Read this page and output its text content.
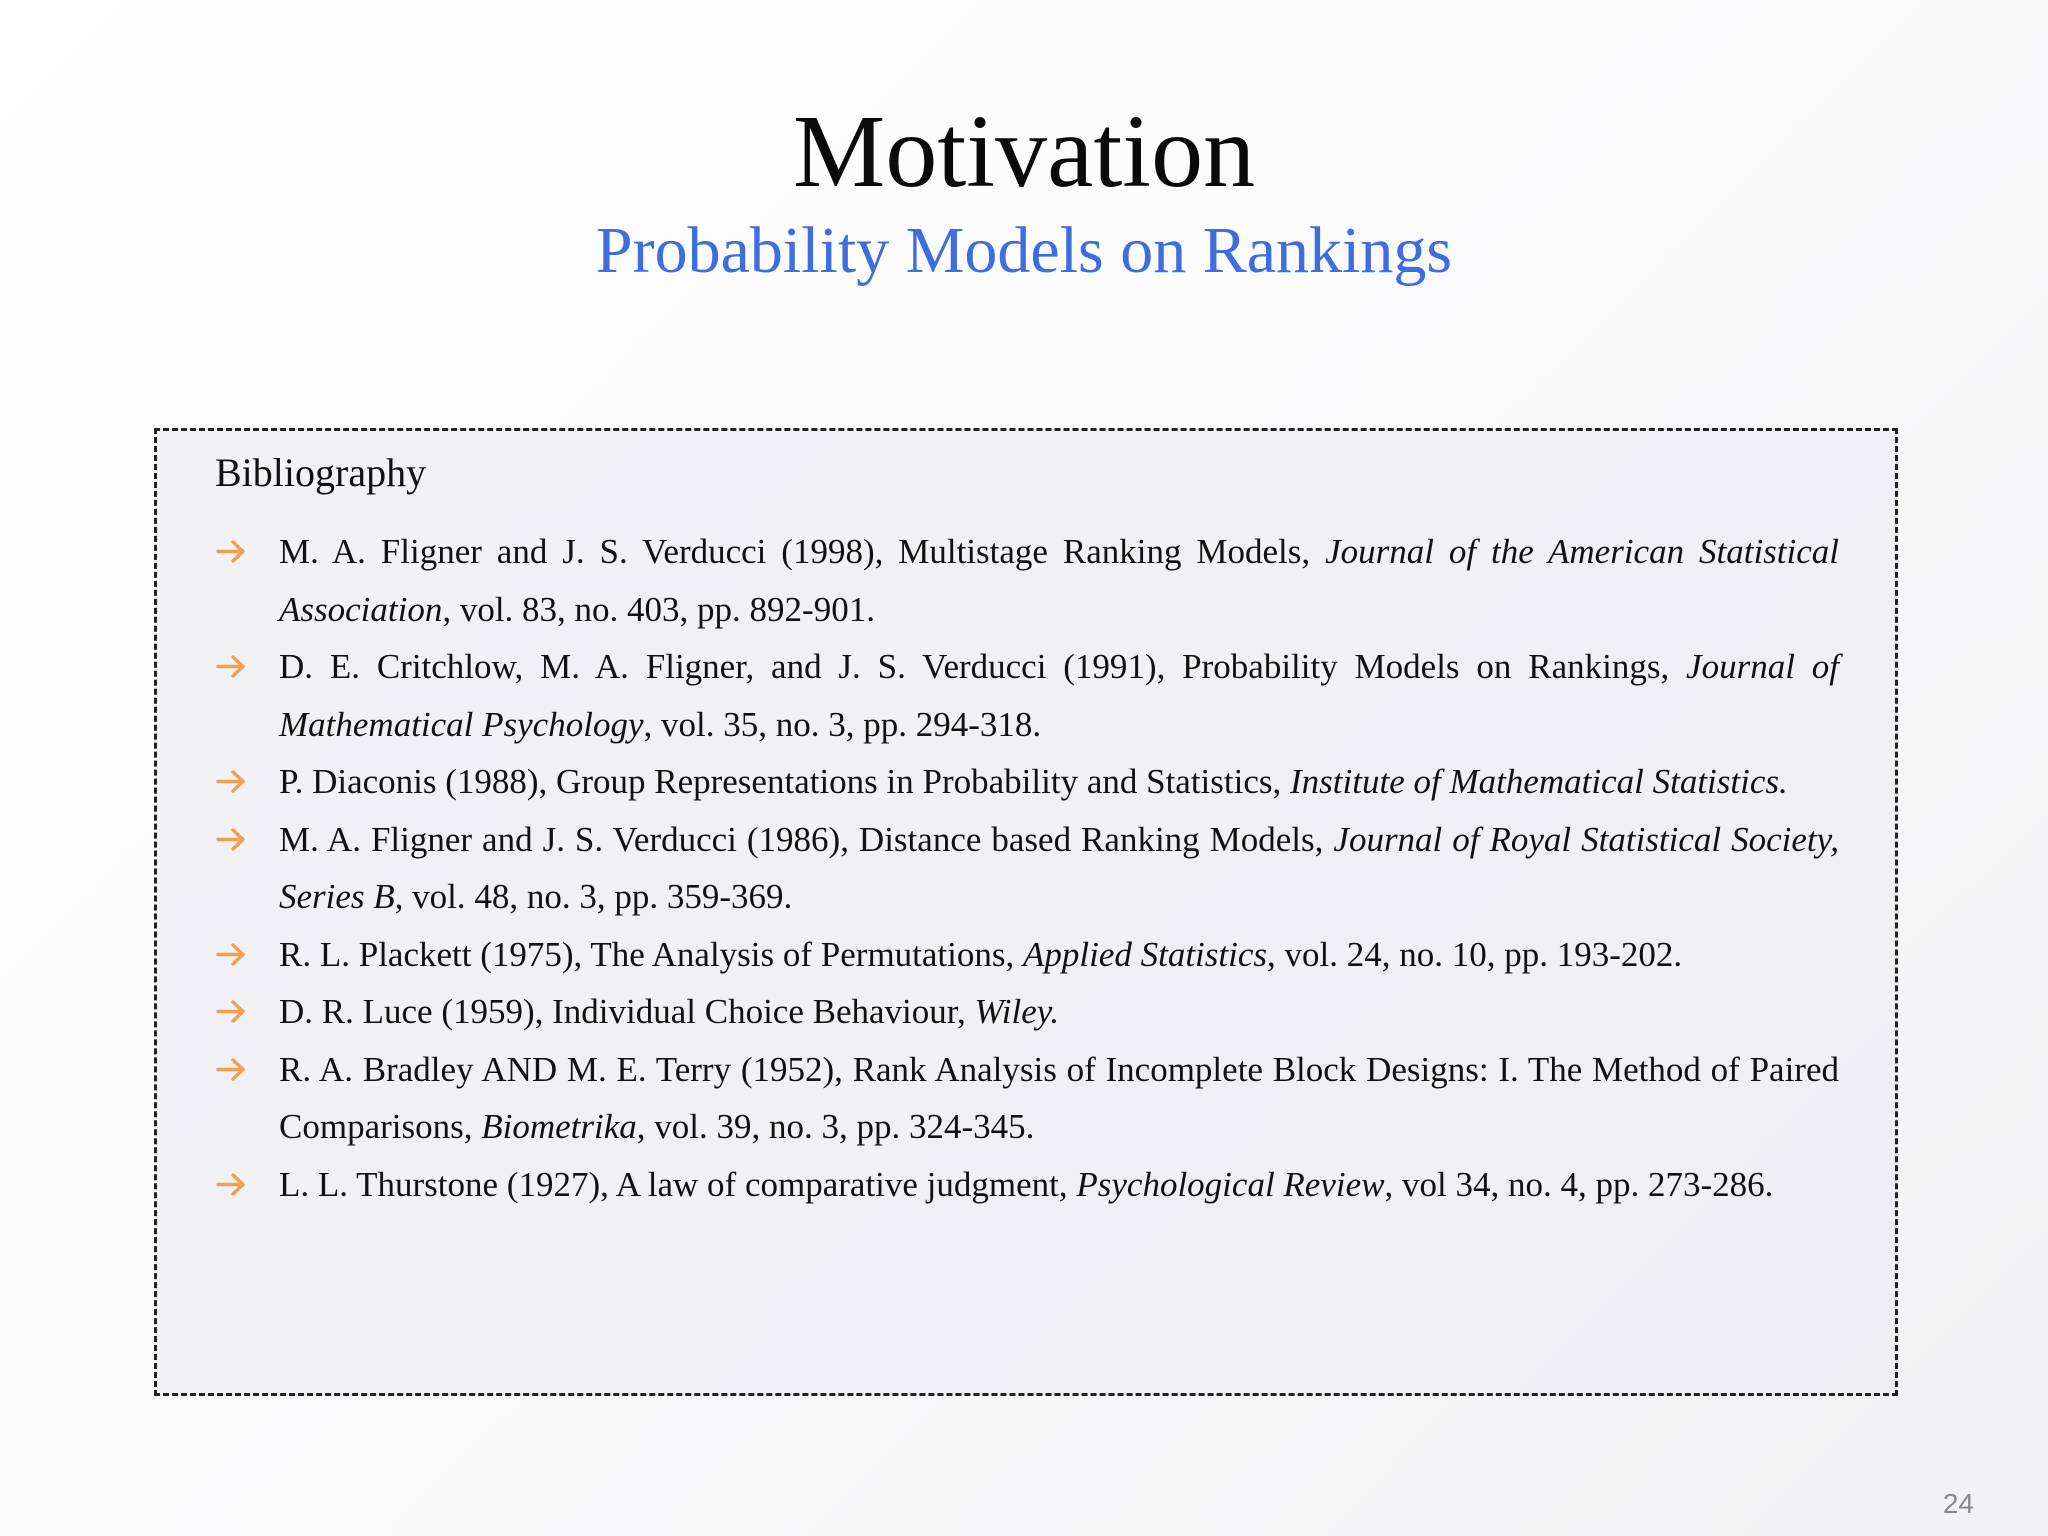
Motivation
Probability Models on Rankings
Bibliography
M. A. Fligner and J. S. Verducci (1998), Multistage Ranking Models, Journal of the American Statistical Association, vol. 83, no. 403, pp. 892-901.
D. E. Critchlow, M. A. Fligner, and J. S. Verducci (1991), Probability Models on Rankings, Journal of Mathematical Psychology, vol. 35, no. 3, pp. 294-318.
P. Diaconis (1988), Group Representations in Probability and Statistics, Institute of Mathematical Statistics.
M. A. Fligner and J. S. Verducci (1986), Distance based Ranking Models, Journal of Royal Statistical Society, Series B, vol. 48, no. 3, pp. 359-369.
R. L. Plackett (1975), The Analysis of Permutations, Applied Statistics, vol. 24, no. 10, pp. 193-202.
D. R. Luce (1959), Individual Choice Behaviour, Wiley.
R. A. Bradley AND M. E. Terry (1952), Rank Analysis of Incomplete Block Designs: I. The Method of Paired Comparisons, Biometrika, vol. 39, no. 3, pp. 324-345.
L. L. Thurstone (1927), A law of comparative judgment, Psychological Review, vol 34, no. 4, pp. 273-286.
24
